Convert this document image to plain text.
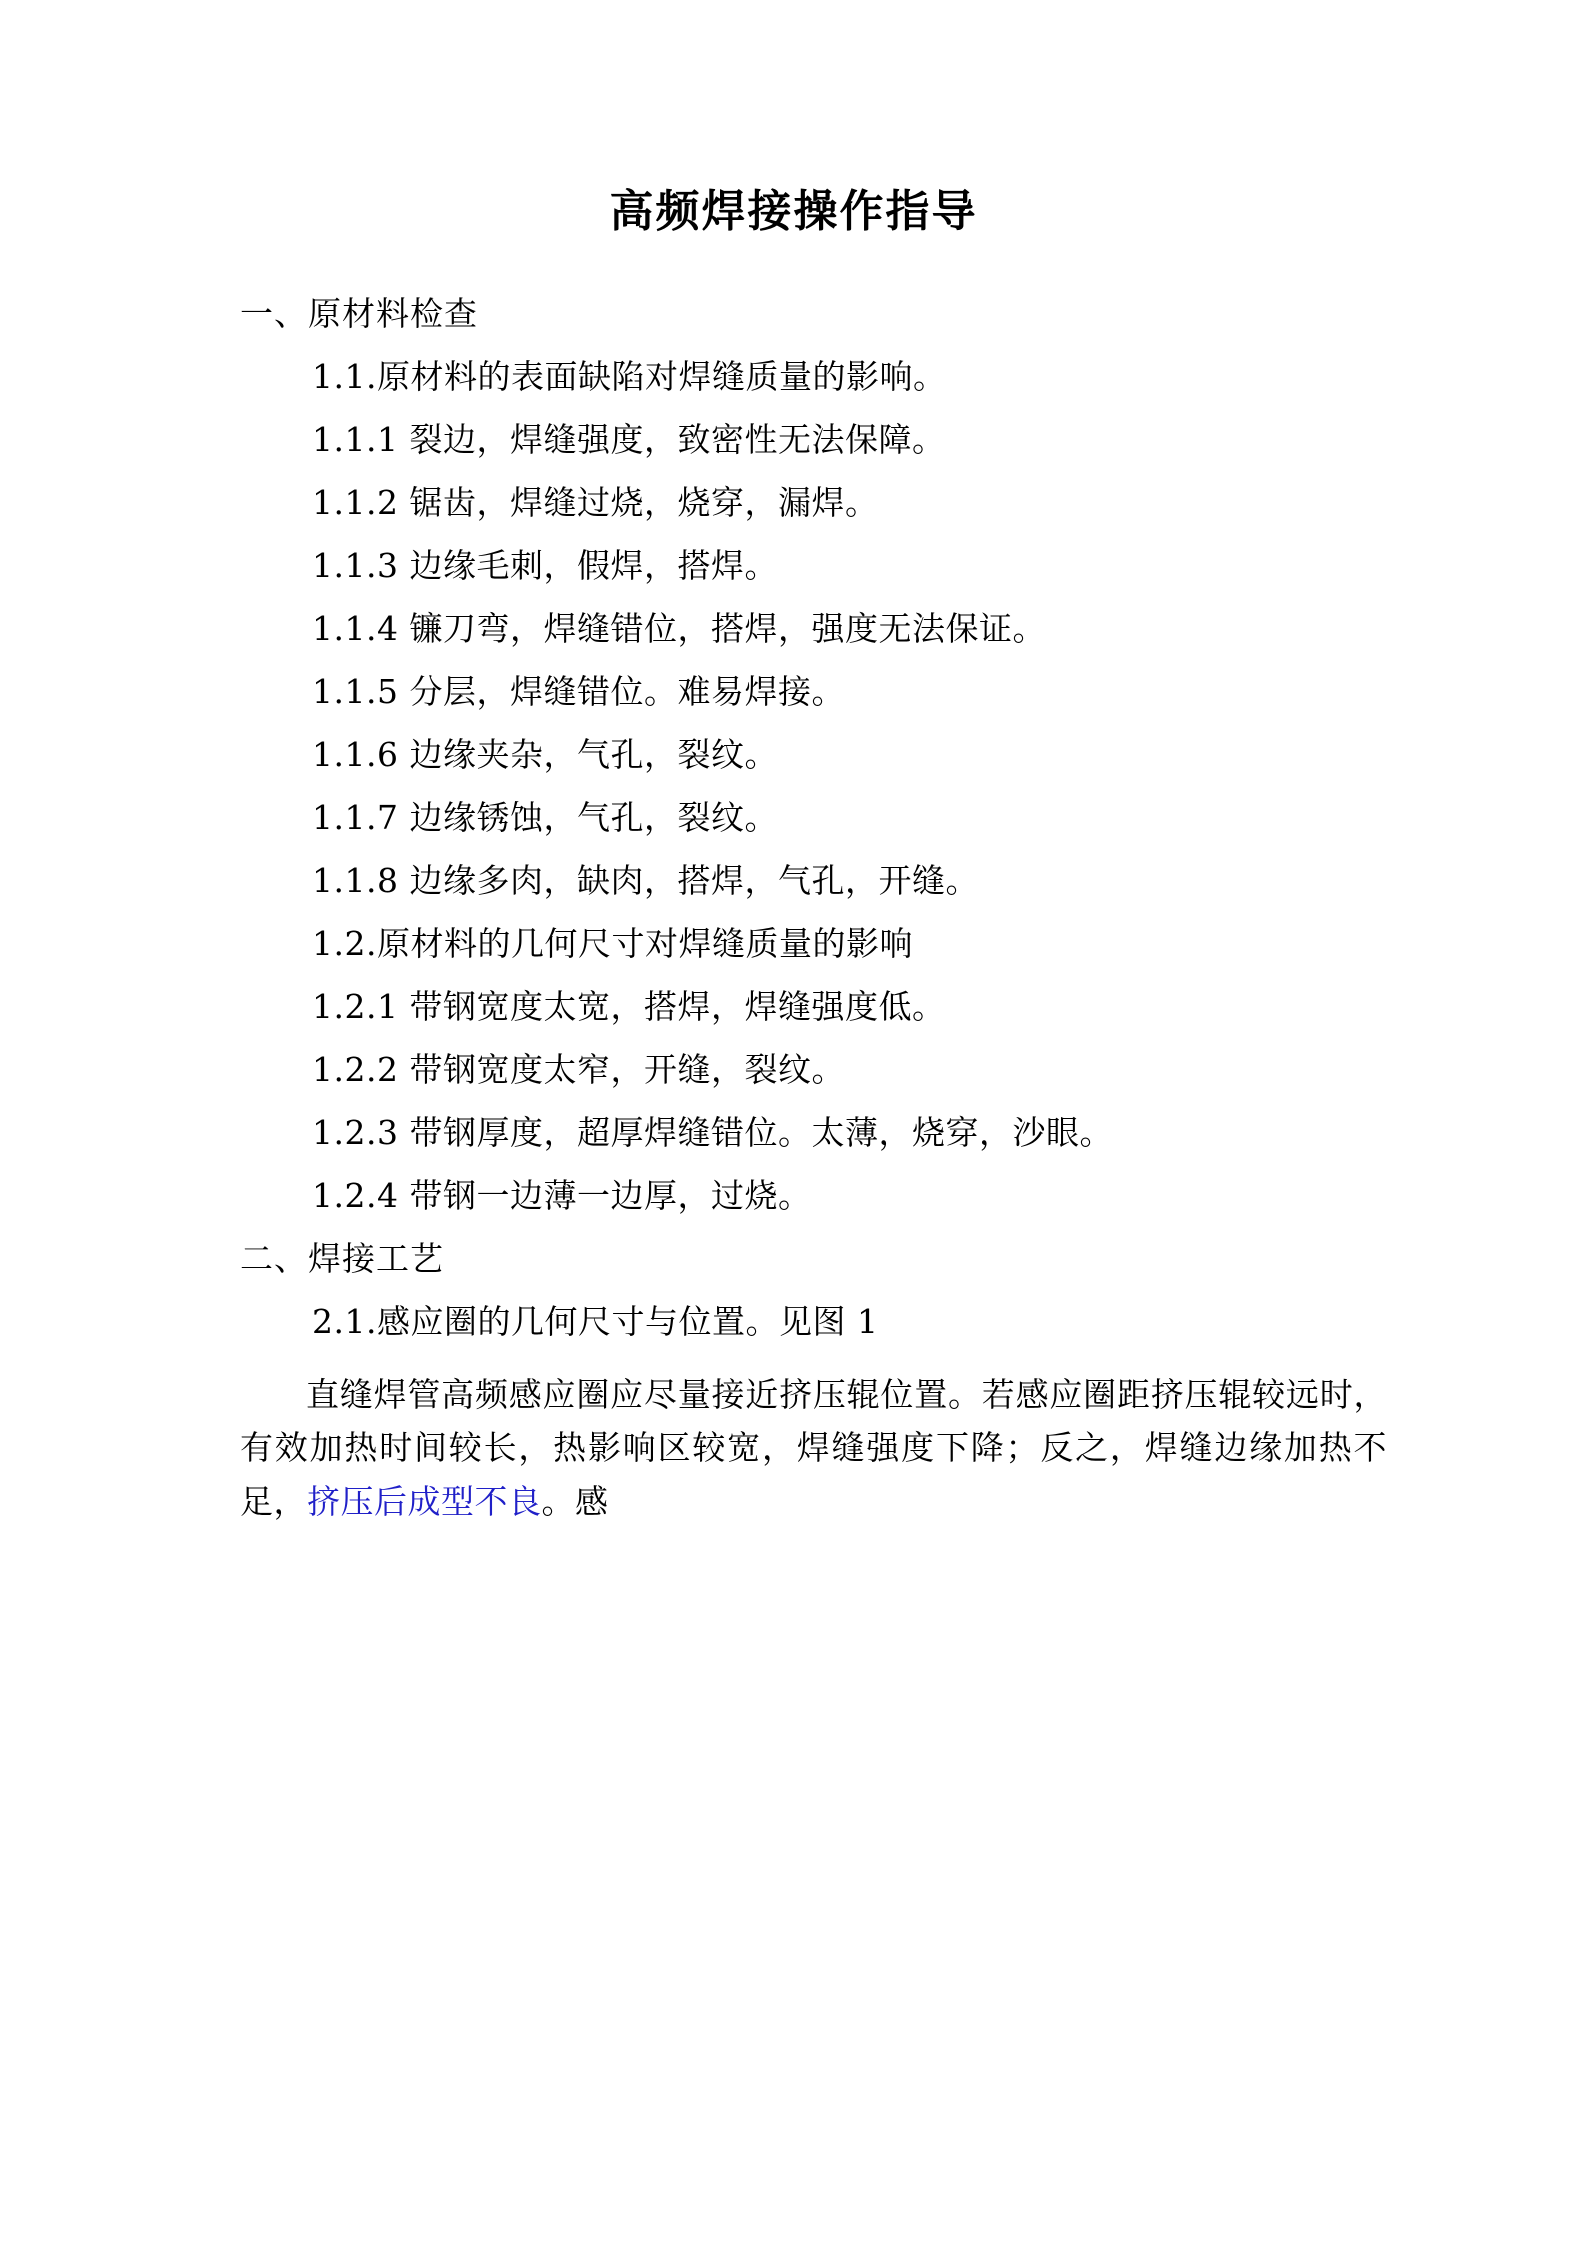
高频焊接操作指导
一、原材料检查
1.1.原材料的表面缺陷对焊缝质量的影响。
1.1.1 裂边，焊缝强度，致密性无法保障。
1.1.2 锯齿，焊缝过烧，烧穿，漏焊。
1.1.3 边缘毛刺，假焊，搭焊。
1.1.4 镰刀弯，焊缝错位，搭焊，强度无法保证。
1.1.5 分层，焊缝错位。难易焊接。
1.1.6 边缘夹杂，气孔，裂纹。
1.1.7 边缘锈蚀，气孔，裂纹。
1.1.8 边缘多肉，缺肉，搭焊，气孔，开缝。
1.2.原材料的几何尺寸对焊缝质量的影响
1.2.1 带钢宽度太宽，搭焊，焊缝强度低。
1.2.2 带钢宽度太窄，开缝，裂纹。
1.2.3 带钢厚度，超厚焊缝错位。太薄，烧穿，沙眼。
1.2.4 带钢一边薄一边厚，过烧。
二、焊接工艺
2.1.感应圈的几何尺寸与位置。见图 1

直缝焊管高频感应圈应尽量接近挤压辊位置。若感应圈距挤压辊较远时，有效加热时间较长，热影响区较宽，焊缝强度下降；反之，焊缝边缘加热不足，挤压后成型不良。感
